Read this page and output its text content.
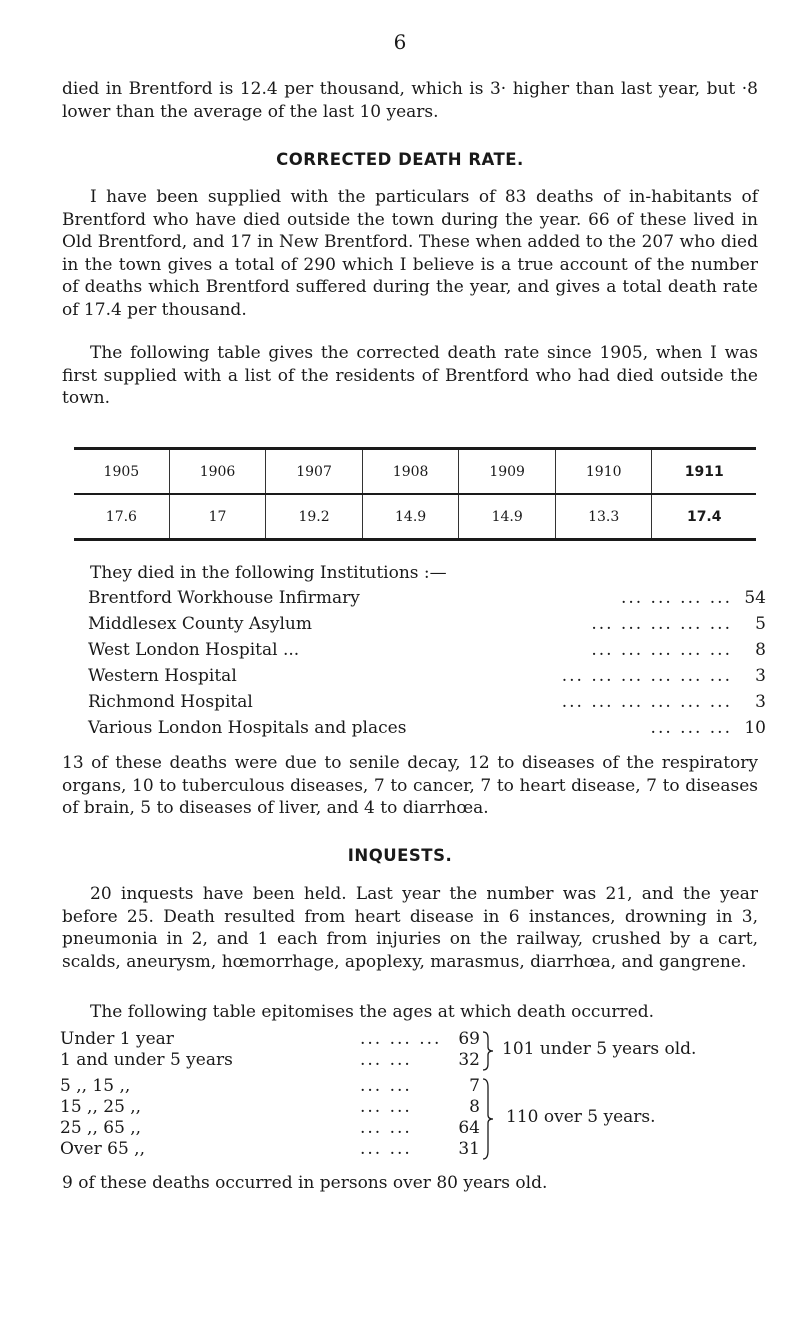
6

died in Brentford is 12.4 per thousand, which is 3· higher than last year, but ·8 lower than the average of the last 10 years.

CORRECTED DEATH RATE.

I have been supplied with the particulars of 83 deaths of in-habitants of Brentford who have died outside the town during the year. 66 of these lived in Old Brentford, and 17 in New Brentford. These when added to the 207 who died in the town gives a total of 290 which I believe is a true account of the number of deaths which Brentford suffered during the year, and gives a total death rate of 17.4 per thousand.

The following table gives the corrected death rate since 1905, when I was first supplied with a list of the residents of Brentford who had died outside the town.

1905	1906	1907	1908	1909	1910	1911
17.6	17	19.2	14.9	14.9	13.3	17.4

They died in the following Institutions :—

Brentford Workhouse Infirmary	... ... ... ... 54
Middlesex County Asylum	... ... ... ... ...	5
West London Hospital ...	... ... ... ... ...	8
Western Hospital	... ... ... ... ... ...	3
Richmond Hospital	... ... ... ... ... ...	3
Various London Hospitals and places	... ... ... 10

13 of these deaths were due to senile decay, 12 to diseases of the respiratory organs, 10 to tuberculous diseases, 7 to cancer, 7 to heart disease, 7 to diseases of brain, 5 to diseases of liver, and 4 to diarrhœa.

INQUESTS.

20 inquests have been held. Last year the number was 21, and the year before 25. Death resulted from heart disease in 6 instances, drowning in 3, pneumonia in 2, and 1 each from injuries on the railway, crushed by a cart, scalds, aneurysm, hœmorrhage, apoplexy, marasmus, diarrhœa, and gangrene.

The following table epitomises the ages at which death occurred.

Under 1 year	... ... ... 69
1 and under 5 years	... ...	32
5 ,, 15 ,,	... ...	7
15 ,, 25 ,,	... ...	8
25 ,, 65 ,,	... ...	64
Over 65 ,,	... ...	31
101 under 5 years old.
110 over 5 years.

9 of these deaths occurred in persons over 80 years old.
